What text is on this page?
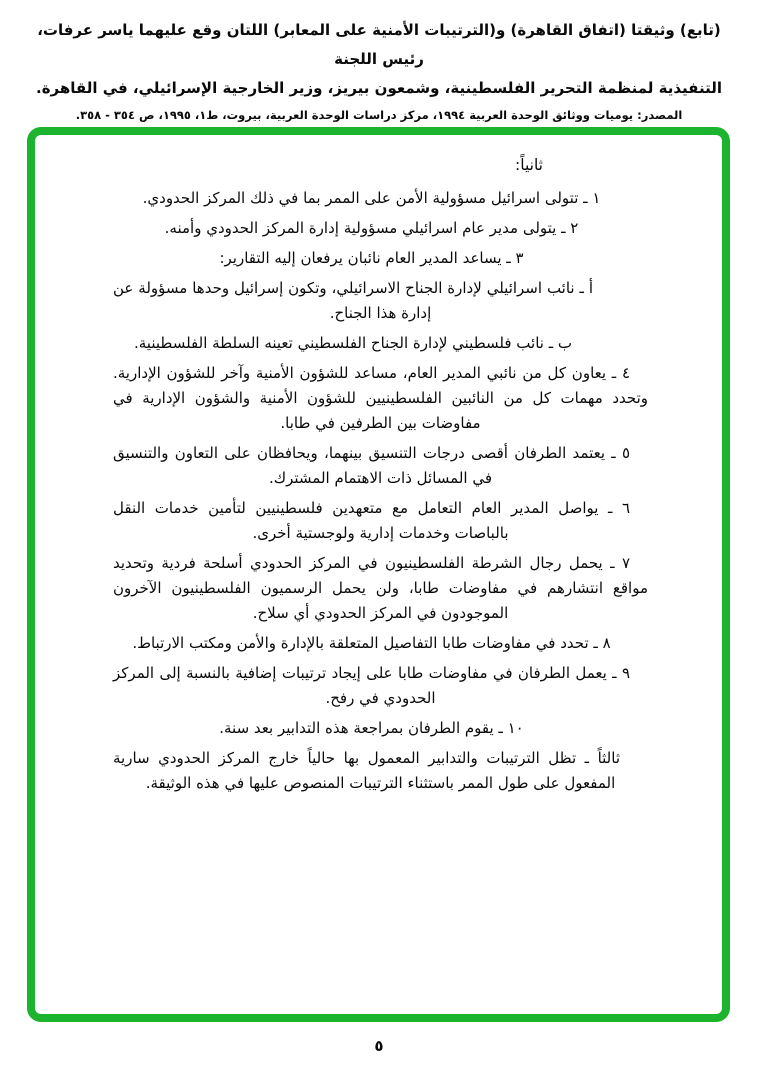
(تابع) وثيقتا (اتفاق القاهرة) و(الترتيبات الأمنية على المعابر) اللتان وقع عليهما ياسر عرفات، رئيس اللجنة
التنفيذية لمنظمة التحرير الفلسطينية، وشمعون بيريز، وزير الخارجية الإسرائيلي، في القاهرة.
المصدر: يوميات ووثائق الوحدة العربية ١٩٩٤، مركز دراسات الوحدة العربية، بيروت، ط١، ١٩٩٥، ص ٣٥٤ - ٣٥٨.
ثانياً:

١ ـ تتولى اسرائيل مسؤولية الأمن على الممر بما في ذلك المركز الحدودي.

٢ ـ يتولى مدير عام اسرائيلي مسؤولية إدارة المركز الحدودي وأمنه.

٣ ـ يساعد المدير العام نائبان يرفعان إليه التقارير:

أ ـ نائب اسرائيلي لإدارة الجناح الاسرائيلي، وتكون إسرائيل وحدها مسؤولة عن إدارة هذا الجناح.

ب ـ نائب فلسطيني لإدارة الجناح الفلسطيني تعينه السلطة الفلسطينية.

٤ ـ يعاون كل من نائبي المدير العام، مساعد للشؤون الأمنية وآخر للشؤون الإدارية. وتحدد مهمات كل من النائبين الفلسطينيين للشؤون الأمنية والشؤون الإدارية في مفاوضات بين الطرفين في طابا.

٥ ـ يعتمد الطرفان أقصى درجات التنسيق بينهما، ويحافظان على التعاون والتنسيق في المسائل ذات الاهتمام المشترك.

٦ ـ يواصل المدير العام التعامل مع متعهدين فلسطينيين لتأمين خدمات النقل بالباصات وخدمات إدارية ولوجستية أخرى.

٧ ـ يحمل رجال الشرطة الفلسطينيون في المركز الحدودي أسلحة فردية وتحديد مواقع انتشارهم في مفاوضات طابا، ولن يحمل الرسميون الفلسطينيون الآخرون الموجودون في المركز الحدودي أي سلاح.

٨ ـ تحدد في مفاوضات طابا التفاصيل المتعلقة بالإدارة والأمن ومكتب الارتباط.

٩ ـ يعمل الطرفان في مفاوضات طابا على إيجاد ترتيبات إضافية بالنسبة إلى المركز الحدودي في رفح.

١٠ ـ يقوم الطرفان بمراجعة هذه التدابير بعد سنة.

ثالثاً ـ تظل الترتيبات والتدابير المعمول بها حالياً خارج المركز الحدودي سارية المفعول على طول الممر باستثناء الترتيبات المنصوص عليها في هذه الوثيقة.

٥
